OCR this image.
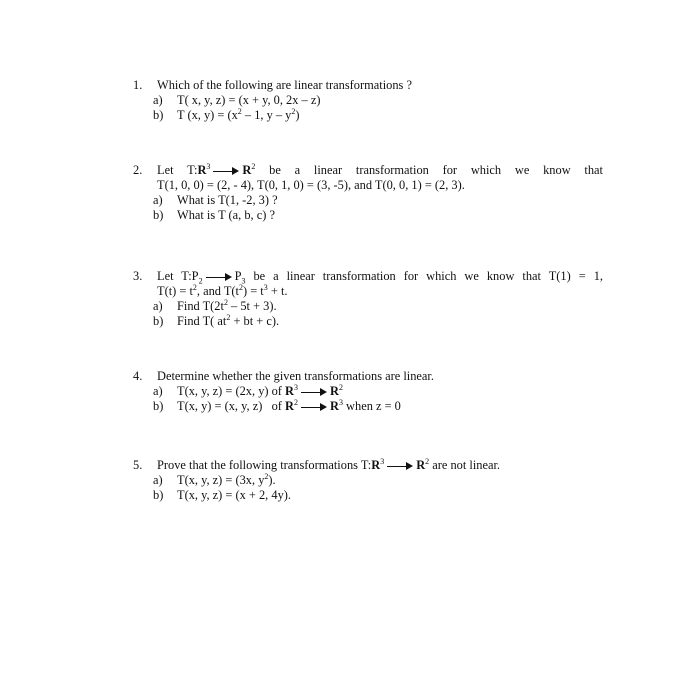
1. Which of the following are linear transformations ?
a) T( x, y, z) = (x + y, 0, 2x – z)
b) T (x, $y) = (x^2 - 1$, y – $y^2$)
2. Let $T:R^3$	$R^2$ be a linear transformation for which we know that
T(1, 0, 0) = (2, - 4), T(0, 1, 0) = (3, -5), and T(0, 0, 1) = (2, 3).
a) What is T(1, -2, 3) ?
b) What is T (a, b, c) ?
3. Let $T:P_2$	$P_3$ be a linear transformation for which we know that T(1) = 1,
$T(t) = t^2$, and $T(t^2) = t^3 + t$.
a) Find $T(2t^2 - 5t + 3)$.
b) Find T( $at^2$ + bt + c).
4. Determine whether the given transformations are linear.
a) T(x, y, z) = (2x, y) of $R^3$	$R^2$
b) T(x, y) = (x, y, z)   of $R^2$	$R^3$ when z = 0
5. Prove that the following transformations $T:R^3$	$R^2$ are not linear.
a) T(x, y, z) = (3x, $y^2$).
b) T(x, y, z) = (x + 2, 4y).
